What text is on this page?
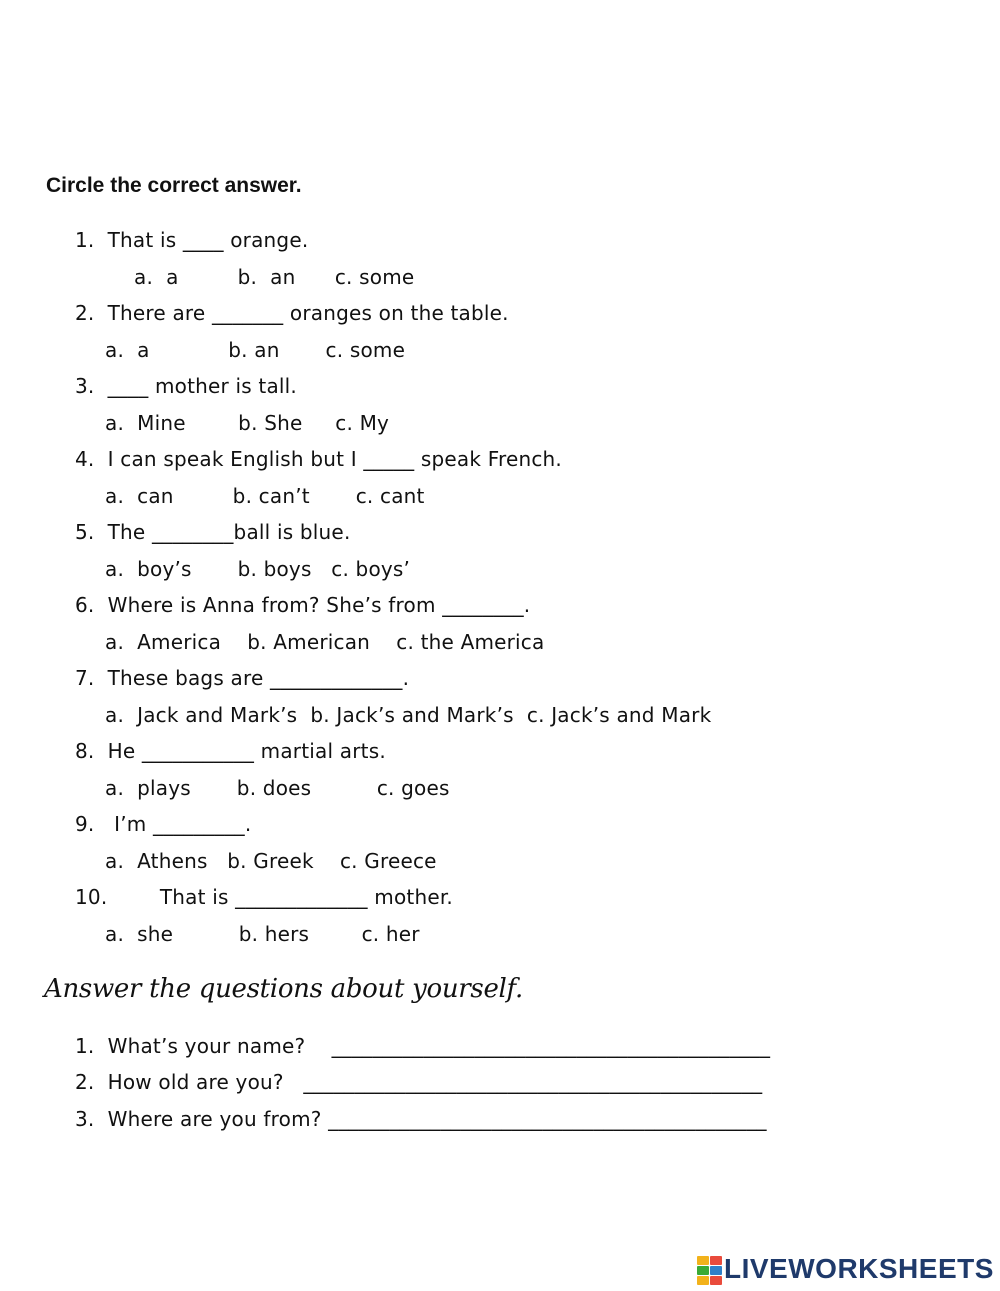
Circle the correct answer.
1.  That is ____ orange.
a.  a         b.  an      c. some
2.  There are _______ oranges on the table.
a.  a            b. an       c. some
3.  ____ mother is tall.
a.  Mine        b. She     c. My
4.  I can speak English but I _____ speak French.
a.  can         b. can’t       c. cant
5.  The ________ball is blue.
a.  boy’s       b. boys   c. boys’
6.  Where is Anna from? She’s from ________.
a.  America    b. American    c. the America
7.  These bags are _____________.
a.  Jack and Mark’s  b. Jack’s and Mark’s  c. Jack’s and Mark
8.  He ___________ martial arts.
a.  plays       b. does          c. goes
9.   I’m _________.
a.  Athens   b. Greek    c. Greece
10.        That is _____________ mother.
a.  she          b. hers        c. her
Answer the questions about yourself.
1.  What’s your name?    ___________________________________________
2.  How old are you?   _____________________________________________
3.  Where are you from? ___________________________________________
LIVEWORKSHEETS
